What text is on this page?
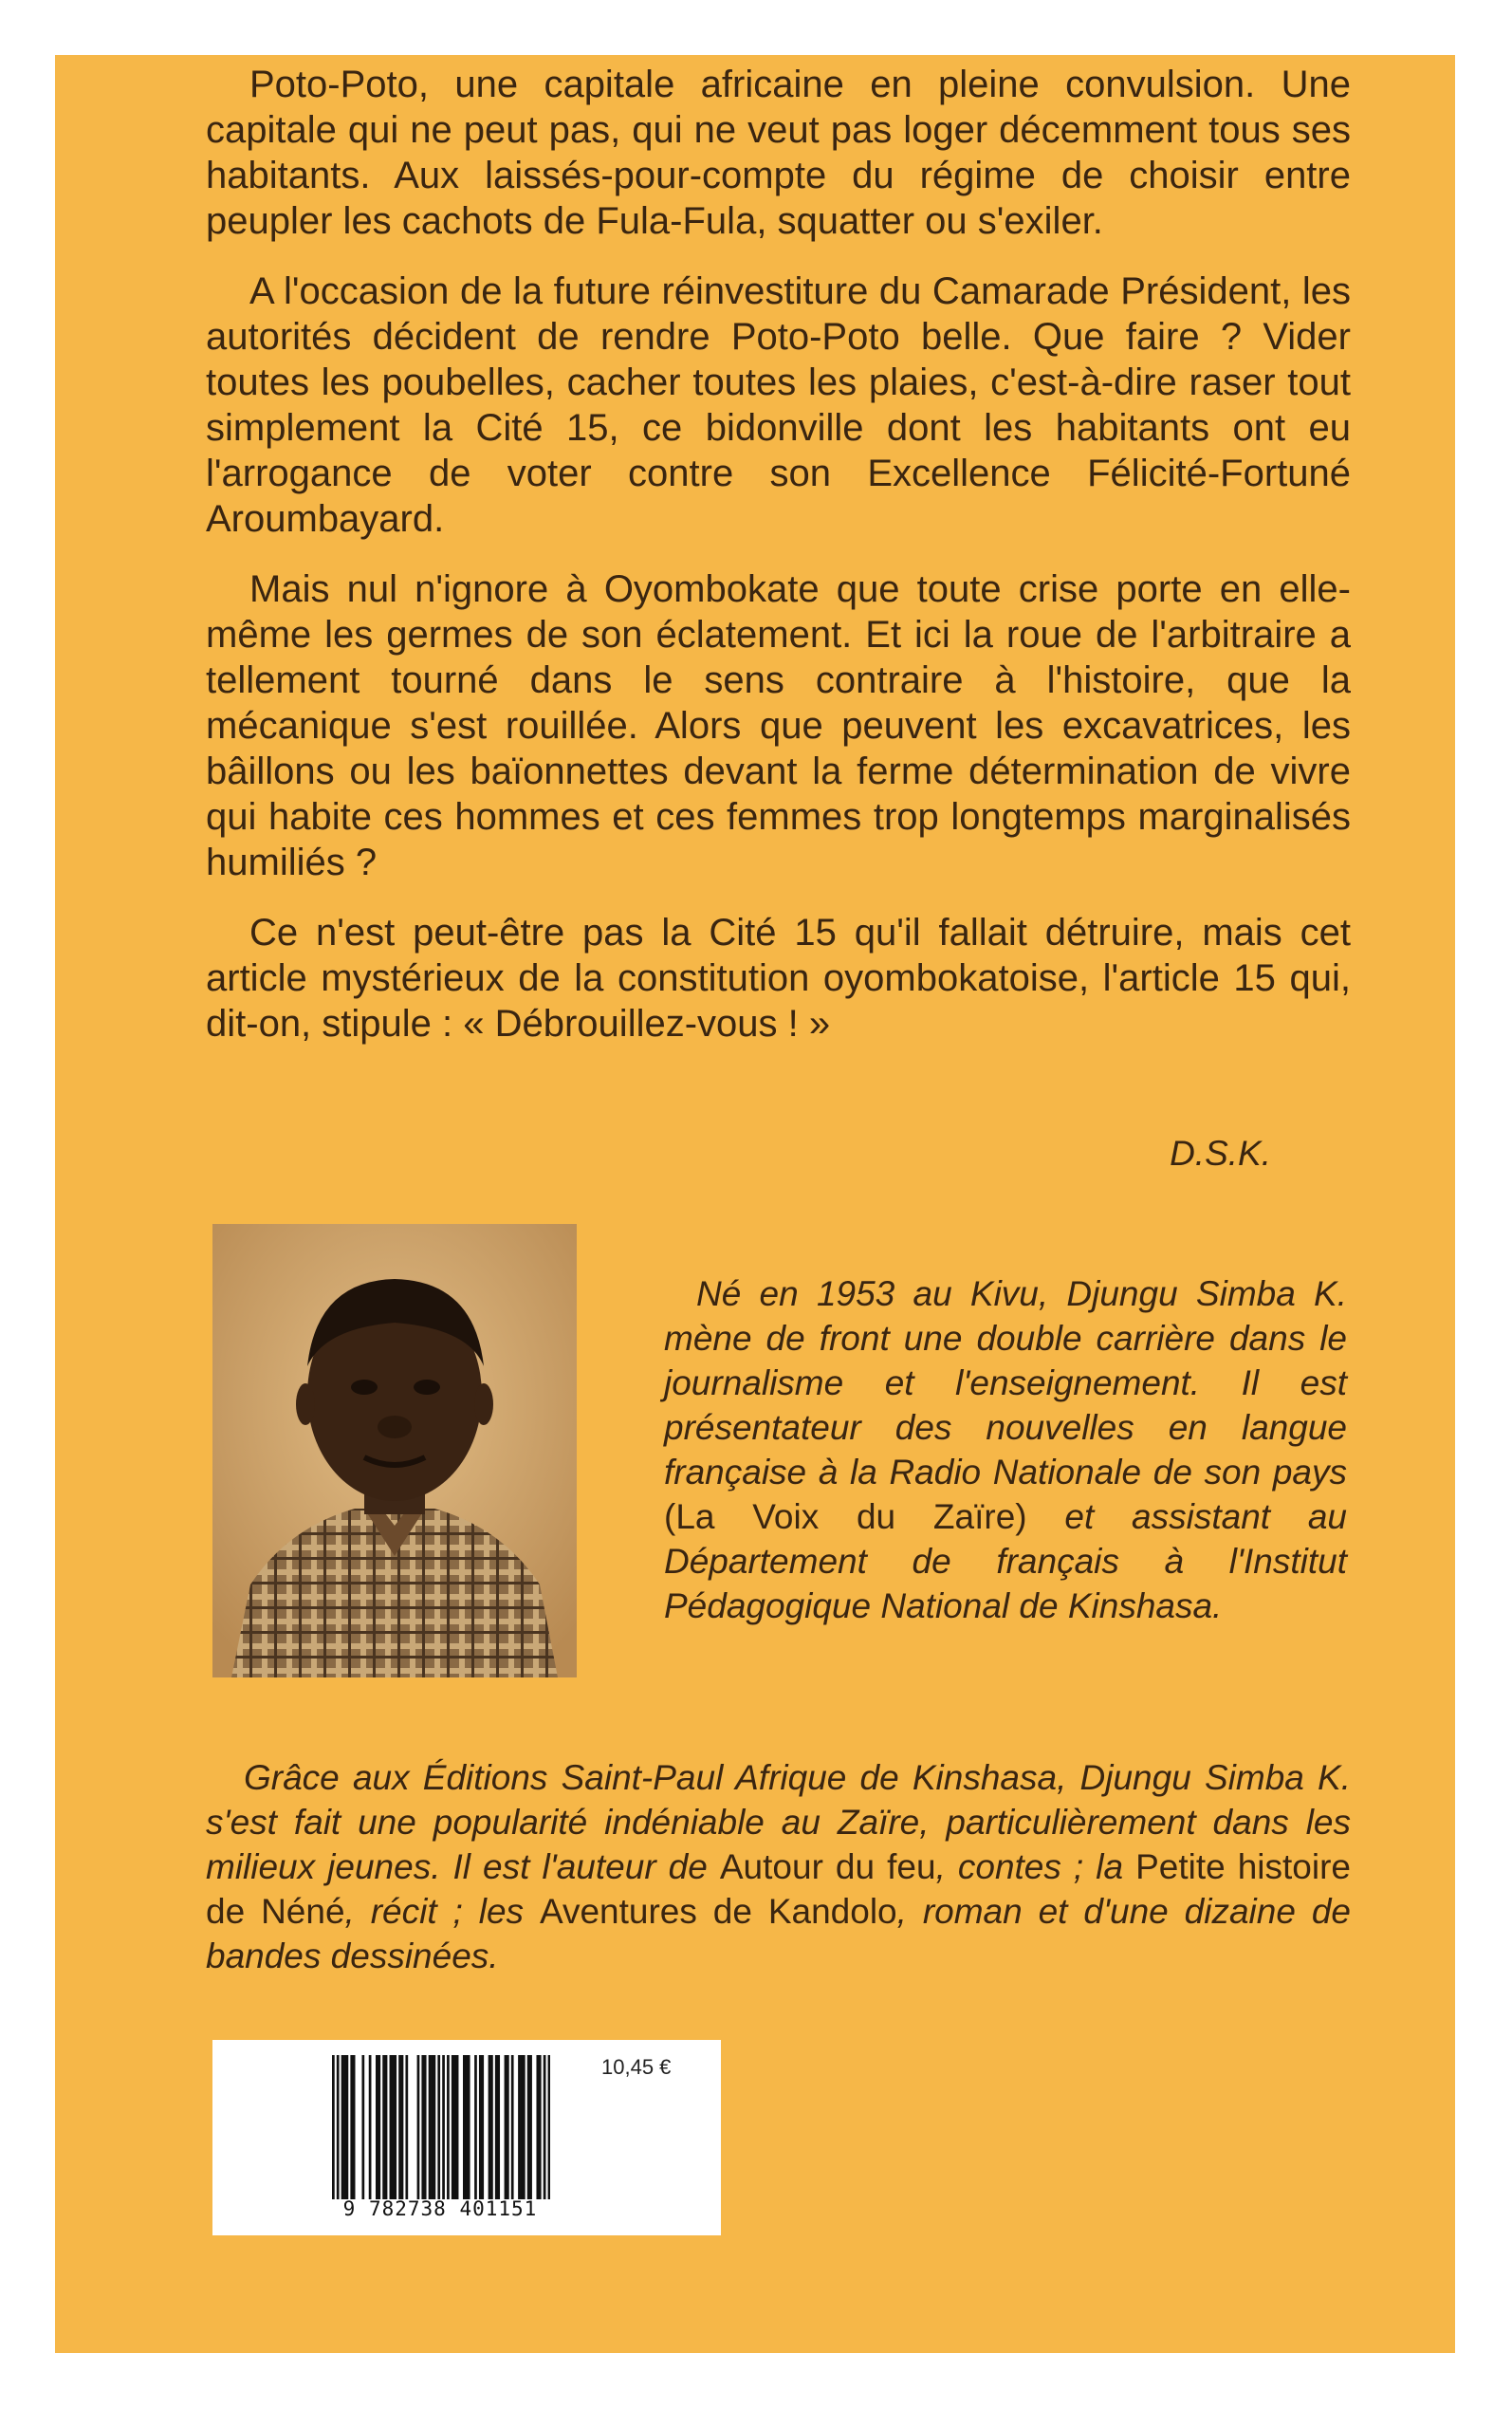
Poto-Poto, une capitale africaine en pleine convulsion. Une capitale qui ne peut pas, qui ne veut pas loger décemment tous ses habitants. Aux laissés-pour-compte du régime de choisir entre peupler les cachots de Fula-Fula, squatter ou s'exiler.

A l'occasion de la future réinvestiture du Camarade Président, les autorités décident de rendre Poto-Poto belle. Que faire ? Vider toutes les poubelles, cacher toutes les plaies, c'est-à-dire raser tout simplement la Cité 15, ce bidonville dont les habitants ont eu l'arrogance de voter contre son Excellence Félicité-Fortuné Aroumbayard.

Mais nul n'ignore à Oyombokate que toute crise porte en elle-même les germes de son éclatement. Et ici la roue de l'arbitraire a tellement tourné dans le sens contraire à l'histoire, que la mécanique s'est rouillée. Alors que peuvent les excavatrices, les bâillons ou les baïonnettes devant la ferme détermination de vivre qui habite ces hommes et ces femmes trop longtemps marginalisés humiliés ?

Ce n'est peut-être pas la Cité 15 qu'il fallait détruire, mais cet article mystérieux de la constitution oyombokatoise, l'article 15 qui, dit-on, stipule : « Débrouillez-vous ! »

D.S.K.

Né en 1953 au Kivu, Djungu Simba K. mène de front une double carrière dans le journalisme et l'enseignement. Il est présentateur des nouvelles en langue française à la Radio Nationale de son pays (La Voix du Zaïre) et assistant au Département de français à l'Institut Pédagogique National de Kinshasa.

Grâce aux Éditions Saint-Paul Afrique de Kinshasa, Djungu Simba K. s'est fait une popularité indéniable au Zaïre, particulièrement dans les milieux jeunes. Il est l'auteur de Autour du feu, contes ; la Petite histoire de Néné, récit ; les Aventures de Kandolo, roman et d'une dizaine de bandes dessinées.

9 782738 401151
10,45 €
